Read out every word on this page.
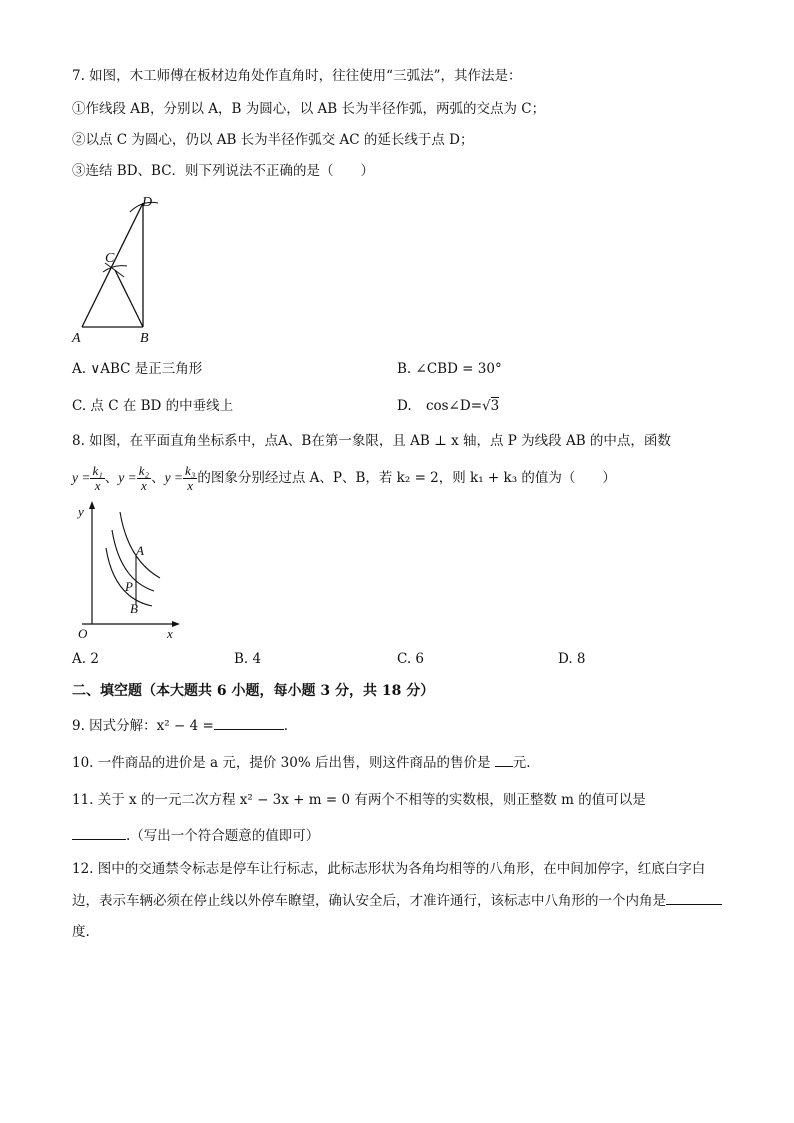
7. 如图，木工师傅在板材边角处作直角时，往往使用“三弧法”，其作法是：
①作线段 AB，分别以 A，B 为圆心，以 AB 长为半径作弧，两弧的交点为 C；
②以点 C 为圆心，仍以 AB 长为半径作弧交 AC 的延长线于点 D；
③连结 BD、BC．则下列说法不正确的是（　　）
A	B
C
D
A. ∨ABC 是正三角形	B. ∠CBD = 30°
C. 点 C 在 BD 的中垂线上	D. cos∠D=√3
8. 如图，在平面直角坐标系中，点A、B在第一象限，且 AB ⊥ x 轴，点 P 为线段 AB 的中点，函数
$y = \frac{\text{k₁}}{x}$ 、 $y = \frac{\text{k₂}}{x}$ 、 $y = \frac{\text{k₃}}{x}$ 的图象分别经过点 A、P、B，若 k₂ = 2，则 k₁ + k₃ 的值为（　　）
y
x
O
A
P
B
A. 2	B. 4	C. 6	D. 8
二、填空题（本大题共 6 小题，每小题 3 分，共 18 分）
9. 因式分解：x² − 4 =	.
10. 一件商品的进价是 a 元，提价 30% 后出售，则这件商品的售价是 元.
11. 关于 x 的一元二次方程 x² − 3x + m = 0 有两个不相等的实数根，则正整数 m 的值可以是
.（写出一个符合题意的值即可）
12. 图中的交通禁令标志是停车让行标志，此标志形状为各角均相等的八角形，在中间加停字，红底白字白
边，表示车辆必须在停止线以外停车瞭望，确认安全后，才准许通行，该标志中八角形的一个内角是
度.
